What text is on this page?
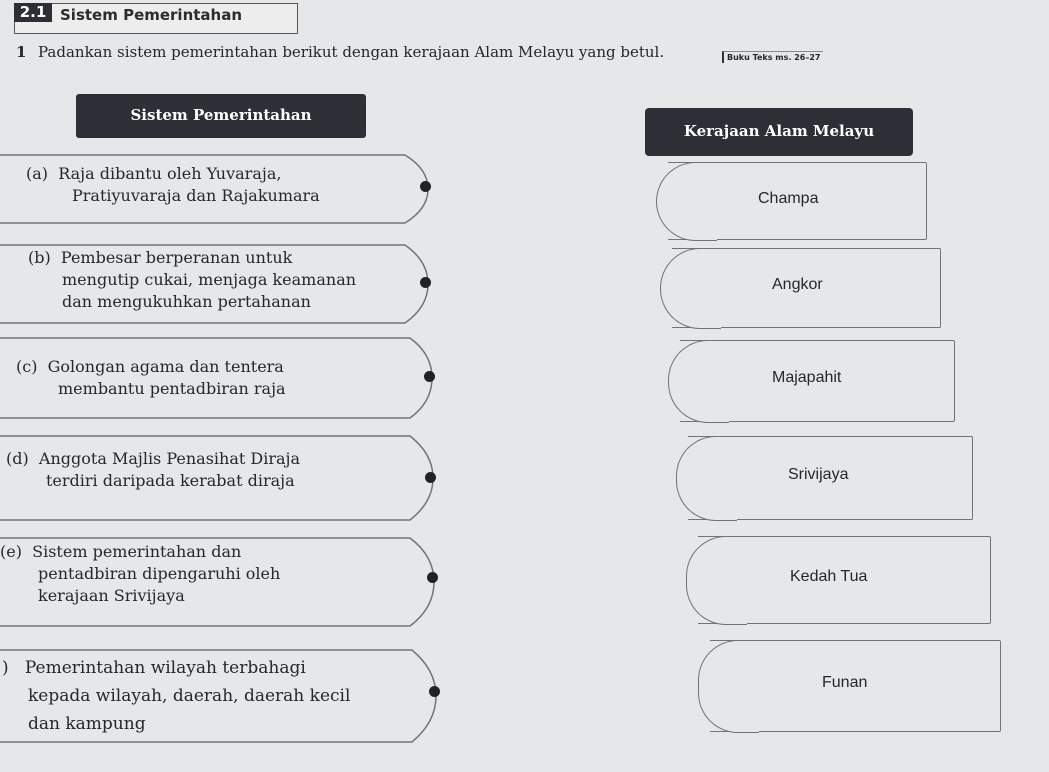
2.1 Sistem Pemerintahan
1 Padankan sistem pemerintahan berikut dengan kerajaan Alam Melayu yang betul.	Buku Teks ms. 26–27
Sistem Pemerintahan
Kerajaan Alam Melayu
(a) Raja dibantu oleh Yuvaraja,
Pratiyuvaraja dan Rajakumara
(b) Pembesar berperanan untuk
mengutip cukai, menjaga keamanan
dan mengukuhkan pertahanan
(c) Golongan agama dan tentera
membantu pentadbiran raja
(d) Anggota Majlis Penasihat Diraja
terdiri daripada kerabat diraja
(e) Sistem pemerintahan dan
pentadbiran dipengaruhi oleh
kerajaan Srivijaya
) Pemerintahan wilayah terbahagi
kepada wilayah, daerah, daerah kecil
dan kampung
Champa
Angkor
Majapahit
Srivijaya
Kedah Tua
Funan
